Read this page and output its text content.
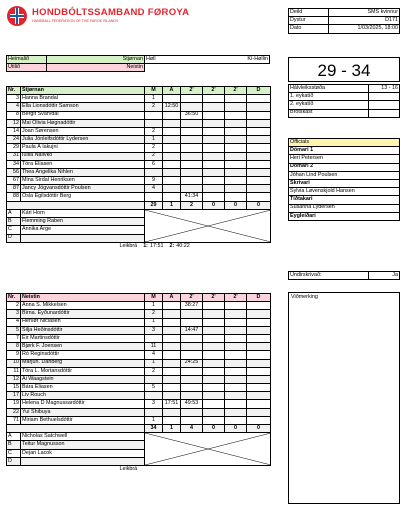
HONDBÓLTSSAMBAND FØROYA
HANDBALL FEDERATION OF THE FAROE ISLANDS
Deild	SMS kvinnur
Dystur	D171
Dato	1/03/2025, 18:00
Heimalið	Stjørnan	Høll	Kí-Høllin
Útilið	Neistin			29 - 34
Hálvleiksstøða	13 - 16
1. eykatíð	
2. eykatíð	
Brotskast	
Officials
Dómari 1
Heri Petersen
Dómari 2
Jóhan Lind Poulsen
Skrivari
Sylvia Løvenskjold Hansen
Tíðtakari
Súsanna Lydersen
Eygleiðari
Undirskrivað:	Ja
Viðmerking
Nr.	Stjørnan	M	Á	2'	2'	2'	D
3	Hanna Brandal	1					
4	Ella Lionsdóttir Samson	2	12:50				
8	Bergit Svarvdal			36:50			
12	Mai Olivia Høgnadóttir						
14	Joan Sørensen	2					
24	Julia Jónleifsdóttir Lydersen	1					
29	Paula Á lakujni	2					
31	Iuliia Nalivko	2					
34	Tóra Eliasen	6					
56	Thea Angelika Nihlen						
67	Mina Sirdal Henriksen	9					
87	Jancy Jógvansdóttir Poulsen	4					
88	Osla Egilsdóttir Berg			41:34			
		29	1	2	0	0	0
A	Kári Horn	

B	Flemming Raben						
C	Annika Arge						
D							

Leikbrá 1: 17:51 2: 40:22							
Nr.	Neistin	M	Á	2'	2'	2'	D
2	Anna S. Mikkelsen	1		38:27			
3	Birna. Eyðunardóttir	2					
4	Hervør Niclasen	1					
5	Silja Heðinsdóttir	3		14:47			
7	Eir Martinsdóttir						
8	Bjørk F. Joensen	11					
9	Ró Reginsdóttir	4					
10	Marjun. Danberg	1		24:25			
11	Tóra L. Mortansdóttir	2					
12	Ai Waagstein						
15	Bára Eliasen	5					
17	Liv Rouch						
19	Helena D Magnussardóttir	3	17:51	49:53			
22	Yui Shibuya						
71	Miriam Bethuelsdóttir	1					
		34	1	4	0	0	0
A	Nicholas Satchwell	

B	Teitur Magnusson						
C	Dejan Lacok						
D							

Leikbrá							
